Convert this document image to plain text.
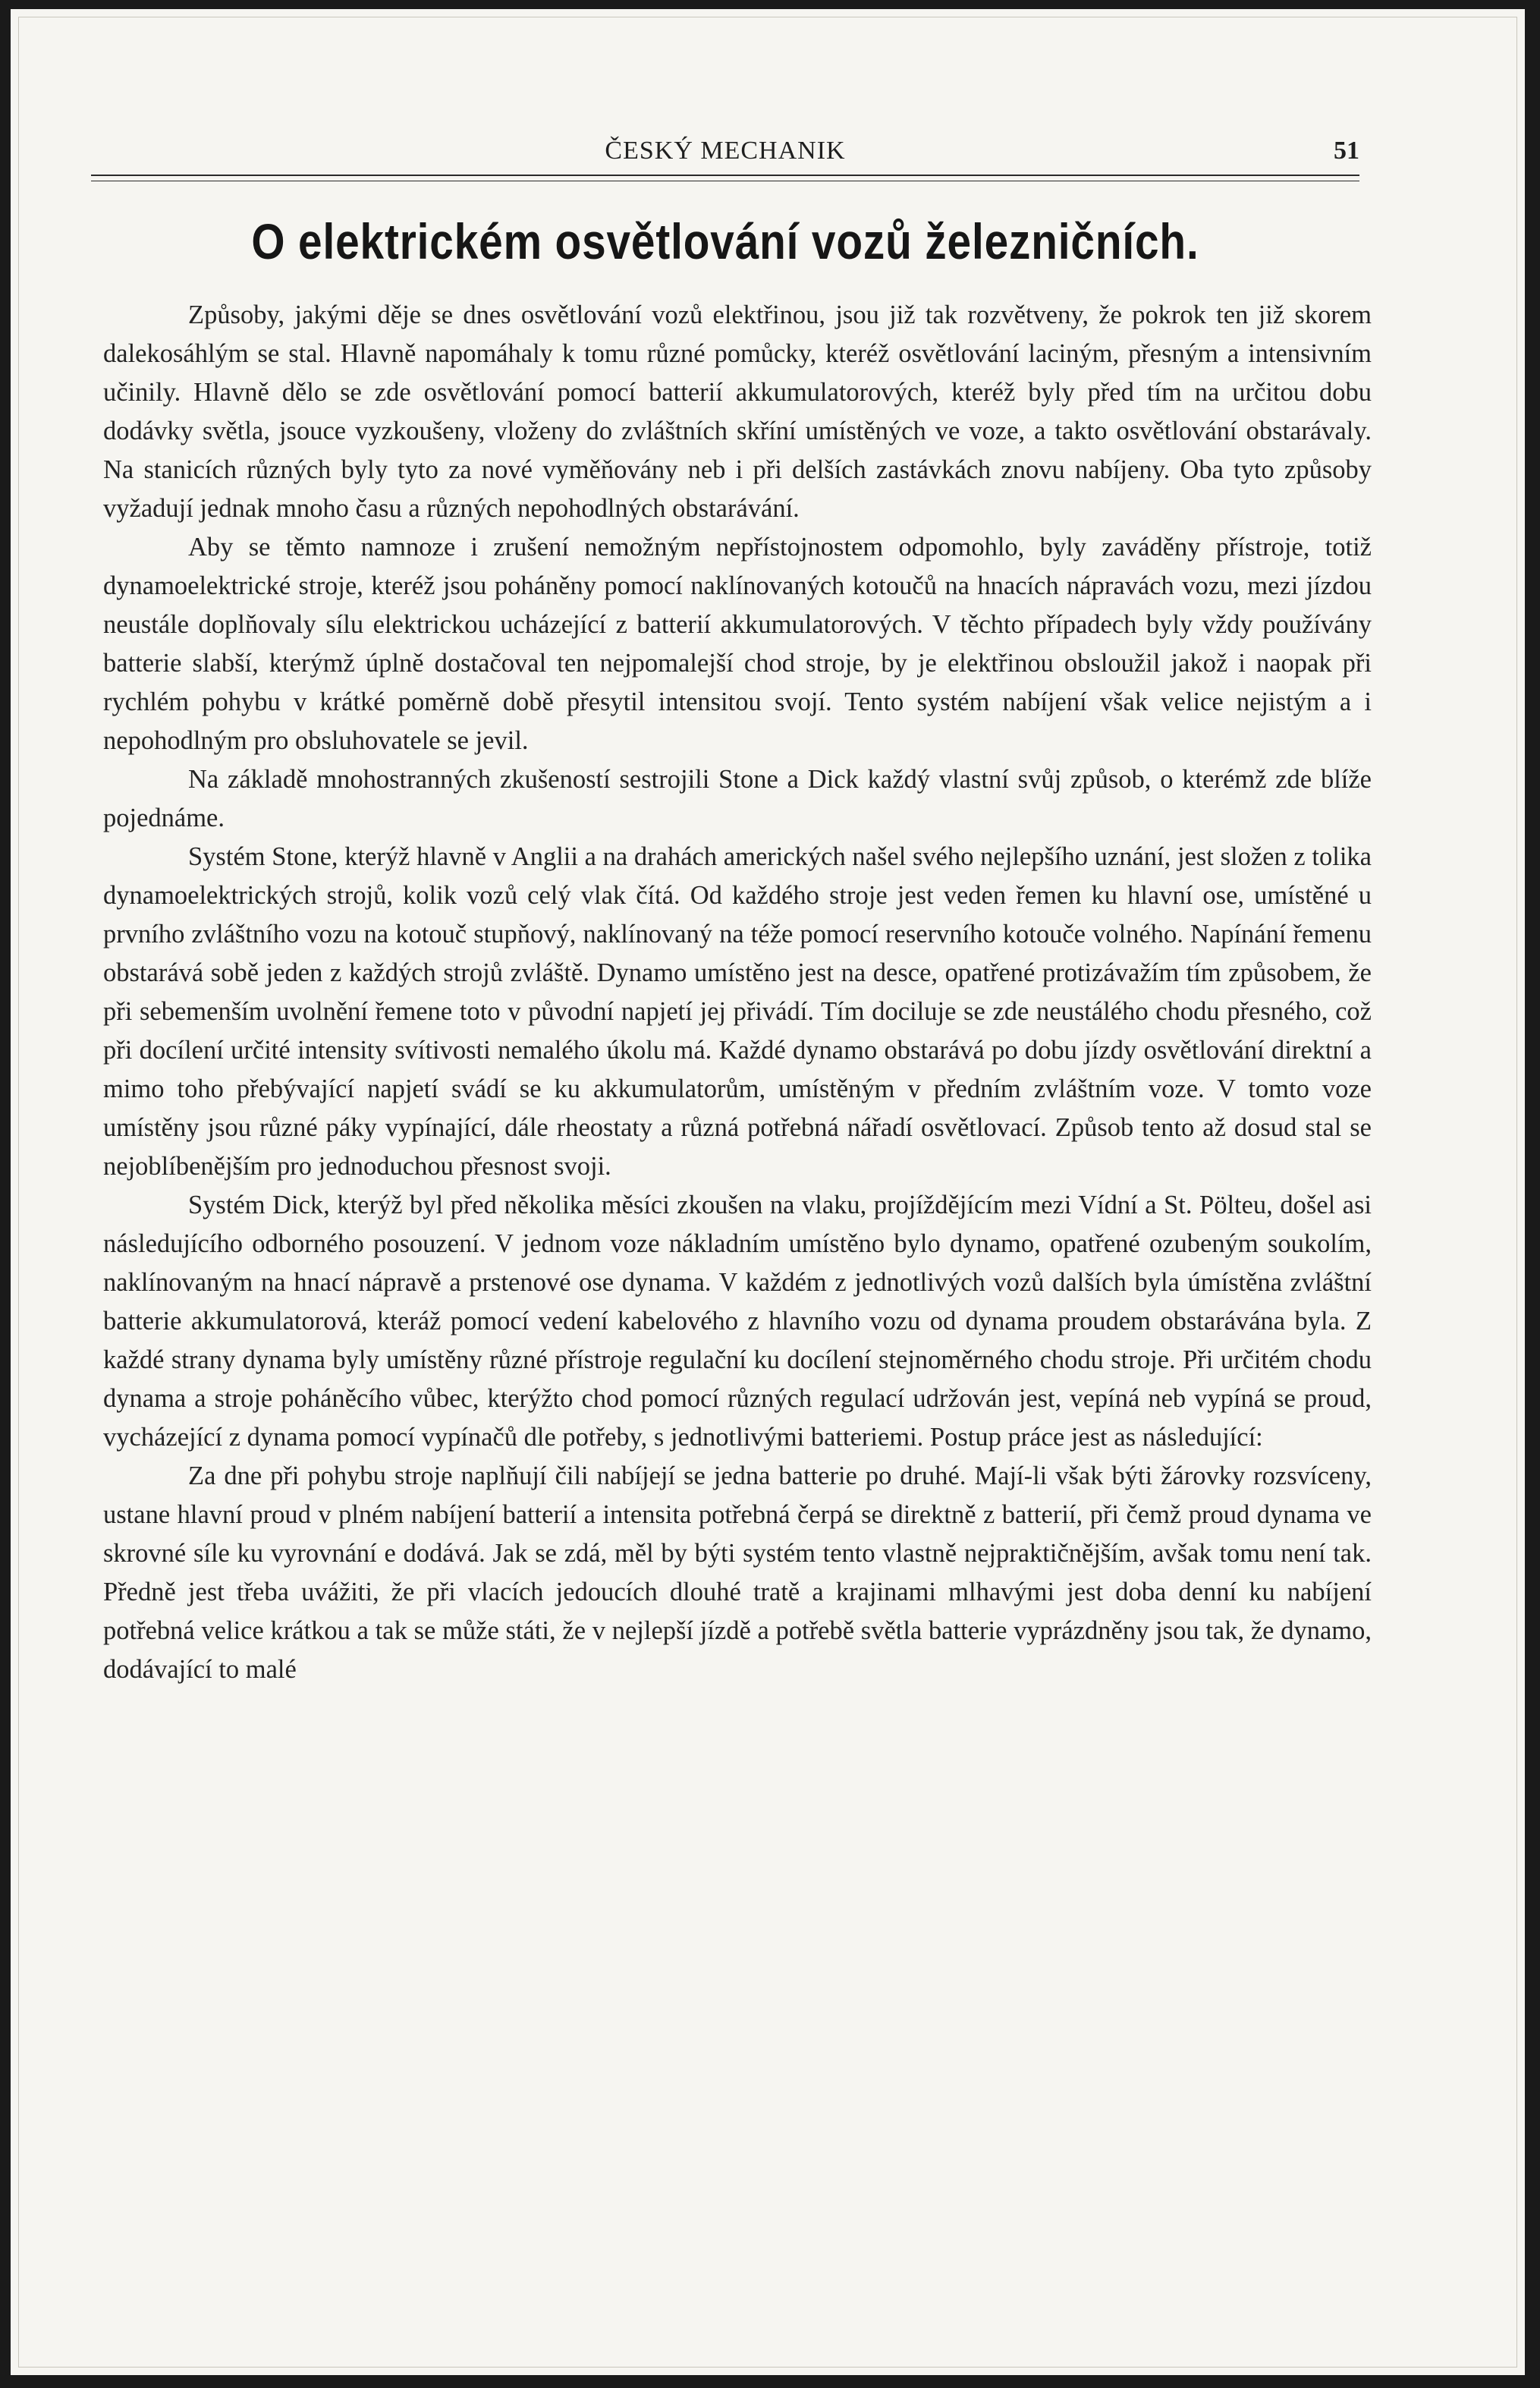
ČESKÝ MECHANIK	51
O elektrickém osvětlování vozů železničních.

Způsoby, jakými děje se dnes osvětlování vozů elektřinou, jsou již tak rozvětveny, že pokrok ten již skorem dalekosáhlým se stal. Hlavně napomáhaly k tomu různé pomůcky, kteréž osvětlování laciným, přesným a intensivním učinily. Hlavně dělo se zde osvětlování pomocí batterií akkumulatorových, kteréž byly před tím na určitou dobu dodávky světla, jsouce vyzkoušeny, vloženy do zvláštních skříní umístěných ve voze, a takto osvětlování obstarávaly. Na stanicích různých byly tyto za nové vyměňovány neb i při delších zastávkách znovu nabíjeny. Oba tyto způsoby vyžadují jednak mnoho času a různých nepohodlných obstarávání.

Aby se těmto namnoze i zrušení nemožným nepřístojnostem odpomohlo, byly zaváděny přístroje, totiž dynamoelektrické stroje, kteréž jsou poháněny pomocí naklínovaných kotoučů na hnacích nápravách vozu, mezi jízdou neustále doplňovaly sílu elektrickou ucházející z batterií akkumulatorových. V těchto případech byly vždy používány batterie slabší, kterýmž úplně dostačoval ten nejpomalejší chod stroje, by je elektřinou obsloužil jakož i naopak při rychlém pohybu v krátké poměrně době přesytil intensitou svojí. Tento systém nabíjení však velice nejistým a i nepohodlným pro obsluhovatele se jevil.

Na základě mnohostranných zkušeností sestrojili Stone a Dick každý vlastní svůj způsob, o kterémž zde blíže pojednáme.

Systém Stone, kterýž hlavně v Anglii a na drahách amerických našel svého nejlepšího uznání, jest složen z tolika dynamoelektrických strojů, kolik vozů celý vlak čítá. Od každého stroje jest veden řemen ku hlavní ose, umístěné u prvního zvláštního vozu na kotouč stupňový, naklínovaný na téže pomocí reservního kotouče volného. Napínání řemenu obstarává sobě jeden z každých strojů zvláště. Dynamo umístěno jest na desce, opatřené protizávažím tím způsobem, že při sebemenším uvolnění řemene toto v původní napjetí jej přivádí. Tím dociluje se zde neustálého chodu přesného, což při docílení určité intensity svítivosti nemalého úkolu má. Každé dynamo obstarává po dobu jízdy osvětlování direktní a mimo toho přebývající napjetí svádí se ku akkumulatorům, umístěným v předním zvláštním voze. V tomto voze umístěny jsou různé páky vypínající, dále rheostaty a různá potřebná nářadí osvětlovací. Způsob tento až dosud stal se nejoblíbenějším pro jednoduchou přesnost svoji.

Systém Dick, kterýž byl před několika měsíci zkoušen na vlaku, projíždějícím mezi Vídní a St. Pölteu, došel asi následujícího odborného posouzení. V jednom voze nákladním umístěno bylo dynamo, opatřené ozubeným soukolím, naklínovaným na hnací nápravě a prstenové ose dynama. V každém z jednotlivých vozů dalších byla úmístěna zvláštní batterie akkumulatorová, kteráž pomocí vedení kabelového z hlavního vozu od dynama proudem obstarávána byla. Z každé strany dynama byly umístěny různé přístroje regulační ku docílení stejnoměrného chodu stroje. Při určitém chodu dynama a stroje poháněcího vůbec, kterýžto chod pomocí různých regulací udržován jest, vepíná neb vypíná se proud, vycházející z dynama pomocí vypínačů dle potřeby, s jednotlivými batteriemi. Postup práce jest as následující:

Za dne při pohybu stroje naplňují čili nabíjejí se jedna batterie po druhé. Mají-li však býti žárovky rozsvíceny, ustane hlavní proud v plném nabíjení batterií a intensita potřebná čerpá se direktně z batterií, při čemž proud dynama ve skrovné síle ku vyrovnání e dodává. Jak se zdá, měl by býti systém tento vlastně nejpraktičnějším, avšak tomu není tak. Předně jest třeba uvážiti, že při vlacích jedoucích dlouhé tratě a krajinami mlhavými jest doba denní ku nabíjení potřebná velice krátkou a tak se může státi, že v nejlepší jízdě a potřebě světla batterie vyprázdněny jsou tak, že dynamo, dodávající to malé
